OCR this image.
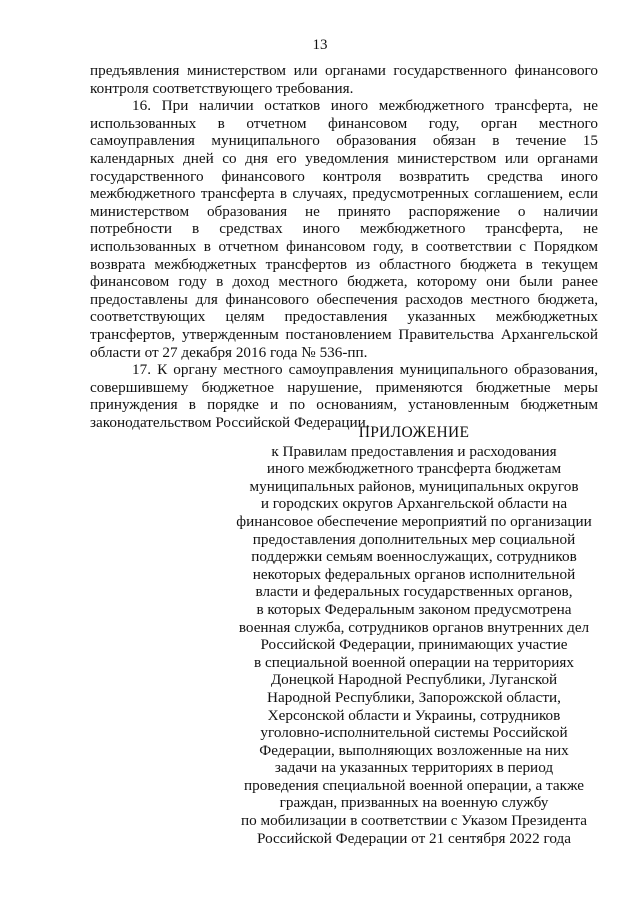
13

предъявления министерством или органами государственного финансового контроля соответствующего требования.

16. При наличии остатков иного межбюджетного трансферта, не использованных в отчетном финансовом году, орган местного самоуправления муниципального образования обязан в течение 15 календарных дней со дня его уведомления министерством или органами государственного финансового контроля возвратить средства иного межбюджетного трансферта в случаях, предусмотренных соглашением, если министерством образования не принято распоряжение о наличии потребности в средствах иного межбюджетного трансферта, не использованных в отчетном финансовом году, в соответствии с Порядком возврата межбюджетных трансфертов из областного бюджета в текущем финансовом году в доход местного бюджета, которому они были ранее предоставлены для финансового обеспечения расходов местного бюджета, соответствующих целям предоставления указанных межбюджетных трансфертов, утвержденным постановлением Правительства Архангельской области от 27 декабря 2016 года № 536-пп.

17. К органу местного самоуправления муниципального образования, совершившему бюджетное нарушение, применяются бюджетные меры принуждения в порядке и по основаниям, установленным бюджетным законодательством Российской Федерации.

ПРИЛОЖЕНИЕ
к Правилам предоставления и расходования
иного межбюджетного трансферта бюджетам
муниципальных районов, муниципальных округов
и городских округов Архангельской области на
финансовое обеспечение мероприятий по организации
предоставления дополнительных мер социальной
поддержки семьям военнослужащих, сотрудников
некоторых федеральных органов исполнительной
власти и федеральных государственных органов,
в которых Федеральным законом предусмотрена
военная служба, сотрудников органов внутренних дел
Российской Федерации, принимающих участие
в специальной военной операции на территориях
Донецкой Народной Республики, Луганской
Народной Республики, Запорожской области,
Херсонской области и Украины, сотрудников
уголовно-исполнительной системы Российской
Федерации, выполняющих возложенные на них
задачи на указанных территориях в период
проведения специальной военной операции, а также
граждан, призванных на военную службу
по мобилизации в соответствии с Указом Президента
Российской Федерации от 21 сентября 2022 года
